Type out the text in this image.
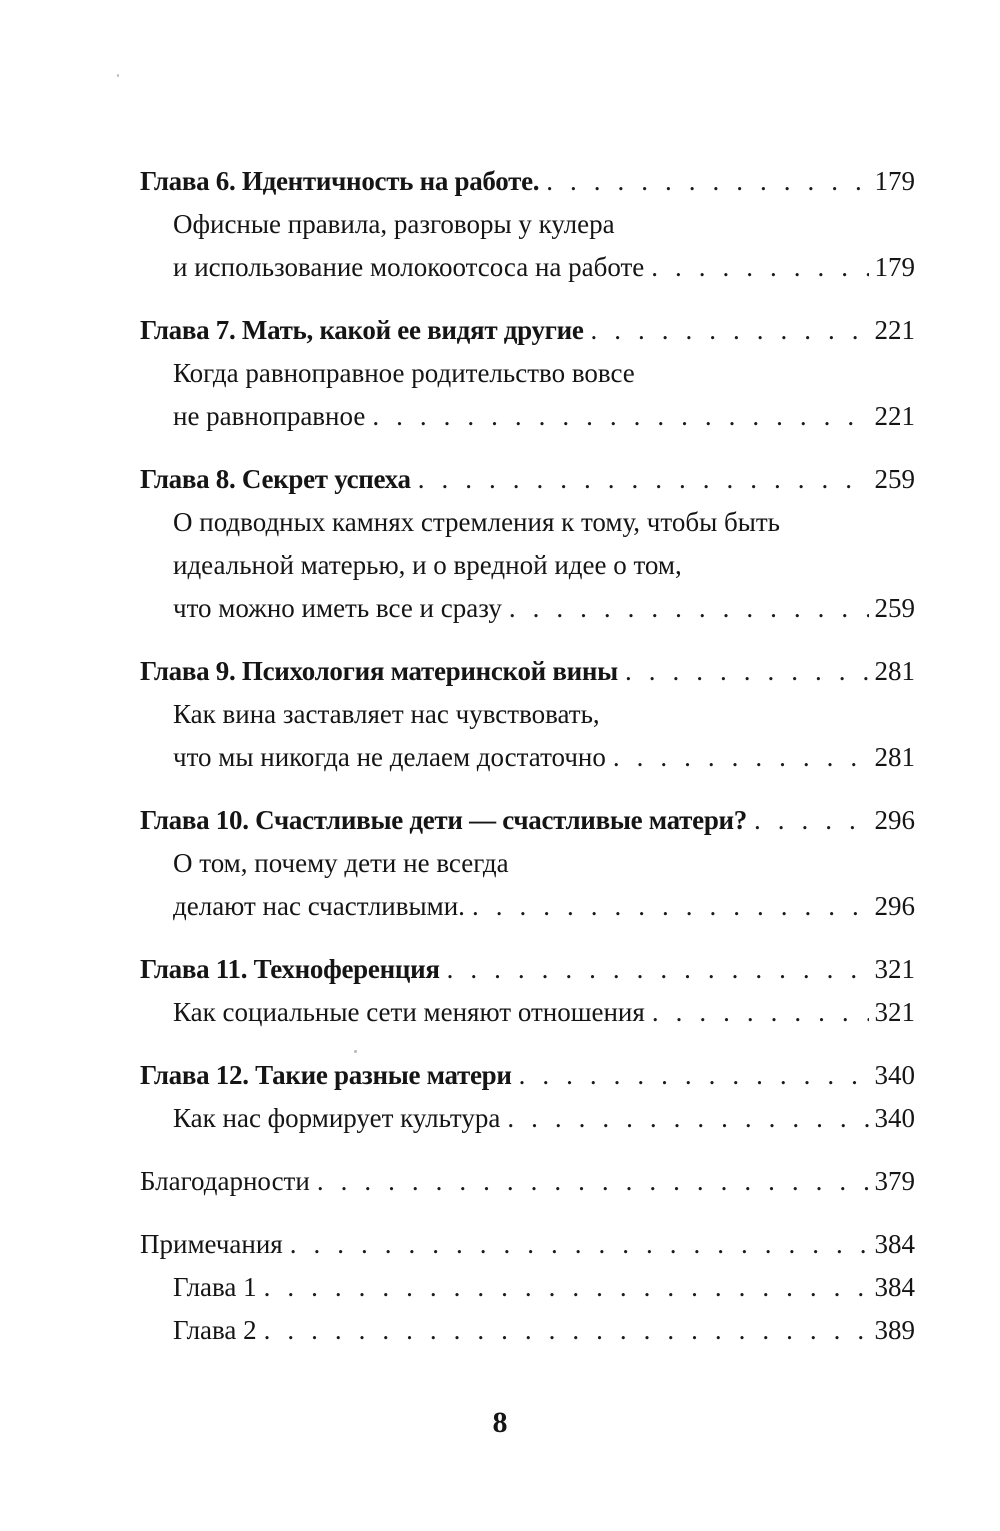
Глава 6. Идентичность на работе. .....	179
Офисные правила, разговоры у кулера
и использование молокоотсоса на работе .....	179
Глава 7. Мать, какой ее видят другие .....	221
Когда равноправное родительство вовсе
не равноправное .....	221
Глава 8. Секрет успеха .....	259
О подводных камнях стремления к тому, чтобы быть
идеальной матерью, и о вредной идее о том,
что можно иметь все и сразу .....	259
Глава 9. Психология материнской вины .....	281
Как вина заставляет нас чувствовать,
что мы никогда не делаем достаточно .....	281
Глава 10. Счастливые дети — счастливые матери? .....	296
О том, почему дети не всегда
делают нас счастливыми. .....	296
Глава 11. Техноференция .....	321
Как социальные сети меняют отношения .....	321
Глава 12. Такие разные матери .....	340
Как нас формирует культура .....	340
Благодарности .....	379
Примечания .....	384
Глава 1 .....	384
Глава 2 .....	389
8
